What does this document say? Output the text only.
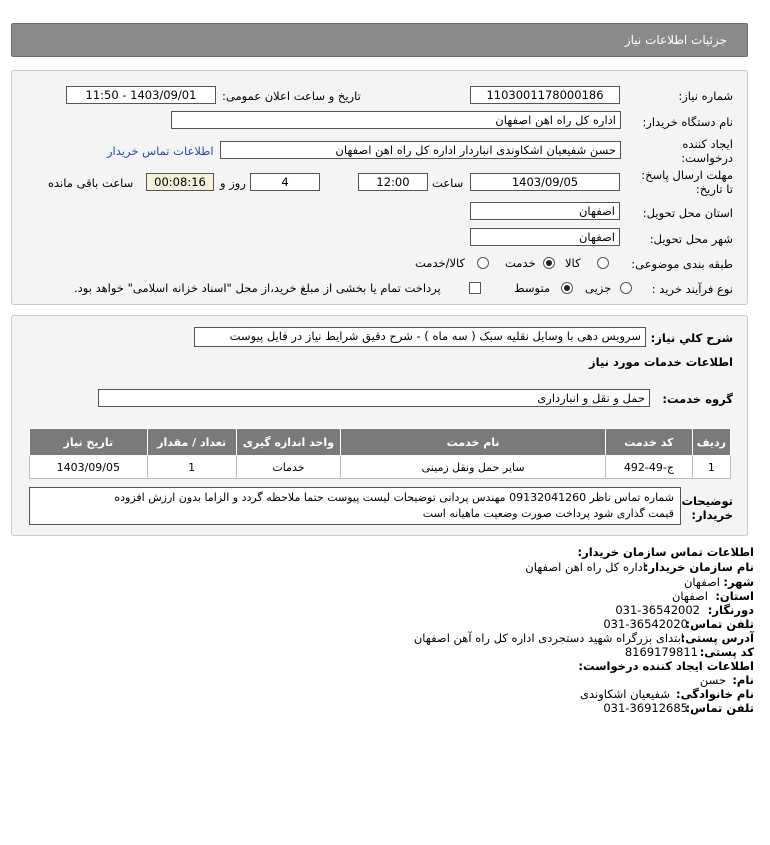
جزئیات اطلاعات نیاز
شماره نیاز:
1103001178000186
تاریخ و ساعت اعلان عمومی:
1403/09/01 - 11:50
نام دستگاه خریدار:
اداره کل راه اهن اصفهان
ایجاد کننده
درخواست:
حسن شفیعیان اشکاوندی انباردار اداره کل راه اهن اصفهان
اطلاعات تماس خریدار
مهلت ارسال پاسخ:
تا تاریخ:
1403/09/05
ساعت
12:00
4
روز و
00:08:16
ساعت باقی مانده
استان محل تحویل:
اصفهان
شهر محل تحویل:
اصفهان
طبقه بندی موضوعی:
کالا
خدمت
کالا/خدمت
نوع فرآیند خرید :
جزیی
متوسط
پرداخت تمام یا بخشی از مبلغ خرید،از محل "اسناد خزانه اسلامی" خواهد بود.
شرح كلي نياز:
سرویس دهی با وسایل نقلیه سبک ( سه ماه ) - شرح دقیق شرایط نیاز در فایل پیوست
اطلاعات خدمات مورد نیاز
گروه خدمت:
حمل و نقل و انبارداری
ردیف	کد خدمت	نام خدمت	واحد اندازه گیری	تعداد / مقدار	تاریخ نیاز
1	ج-49-492	سایر حمل ونقل زمینی	خدمات	1	1403/09/05
توضیحات
خریدار:
شماره تماس ناظر 09132041260 مهندس پردانی توضیحات لیست پیوست حتما ملاحظه گردد و الزاما بدون ارزش افزوده
قیمت گذاری شود پرداخت صورت وضعیت ماهیانه است
اطلاعات تماس سازمان خریدار:
نام سازمان خریدار:
اداره کل راه اهن اصفهان
شهر:
اصفهان
استان:
اصفهان
دورنگار:
031-36542002
تلفن تماس:
031-36542020
آدرس پستی:
ابتدای بزرگراه شهید دستجردی اداره کل راه آهن اصفهان
کد پستی:
8169179811
اطلاعات ایجاد کننده درخواست:
نام:
حسن
نام خانوادگی:
شفیعیان اشکاوندی
تلفن تماس:
031-36912685
